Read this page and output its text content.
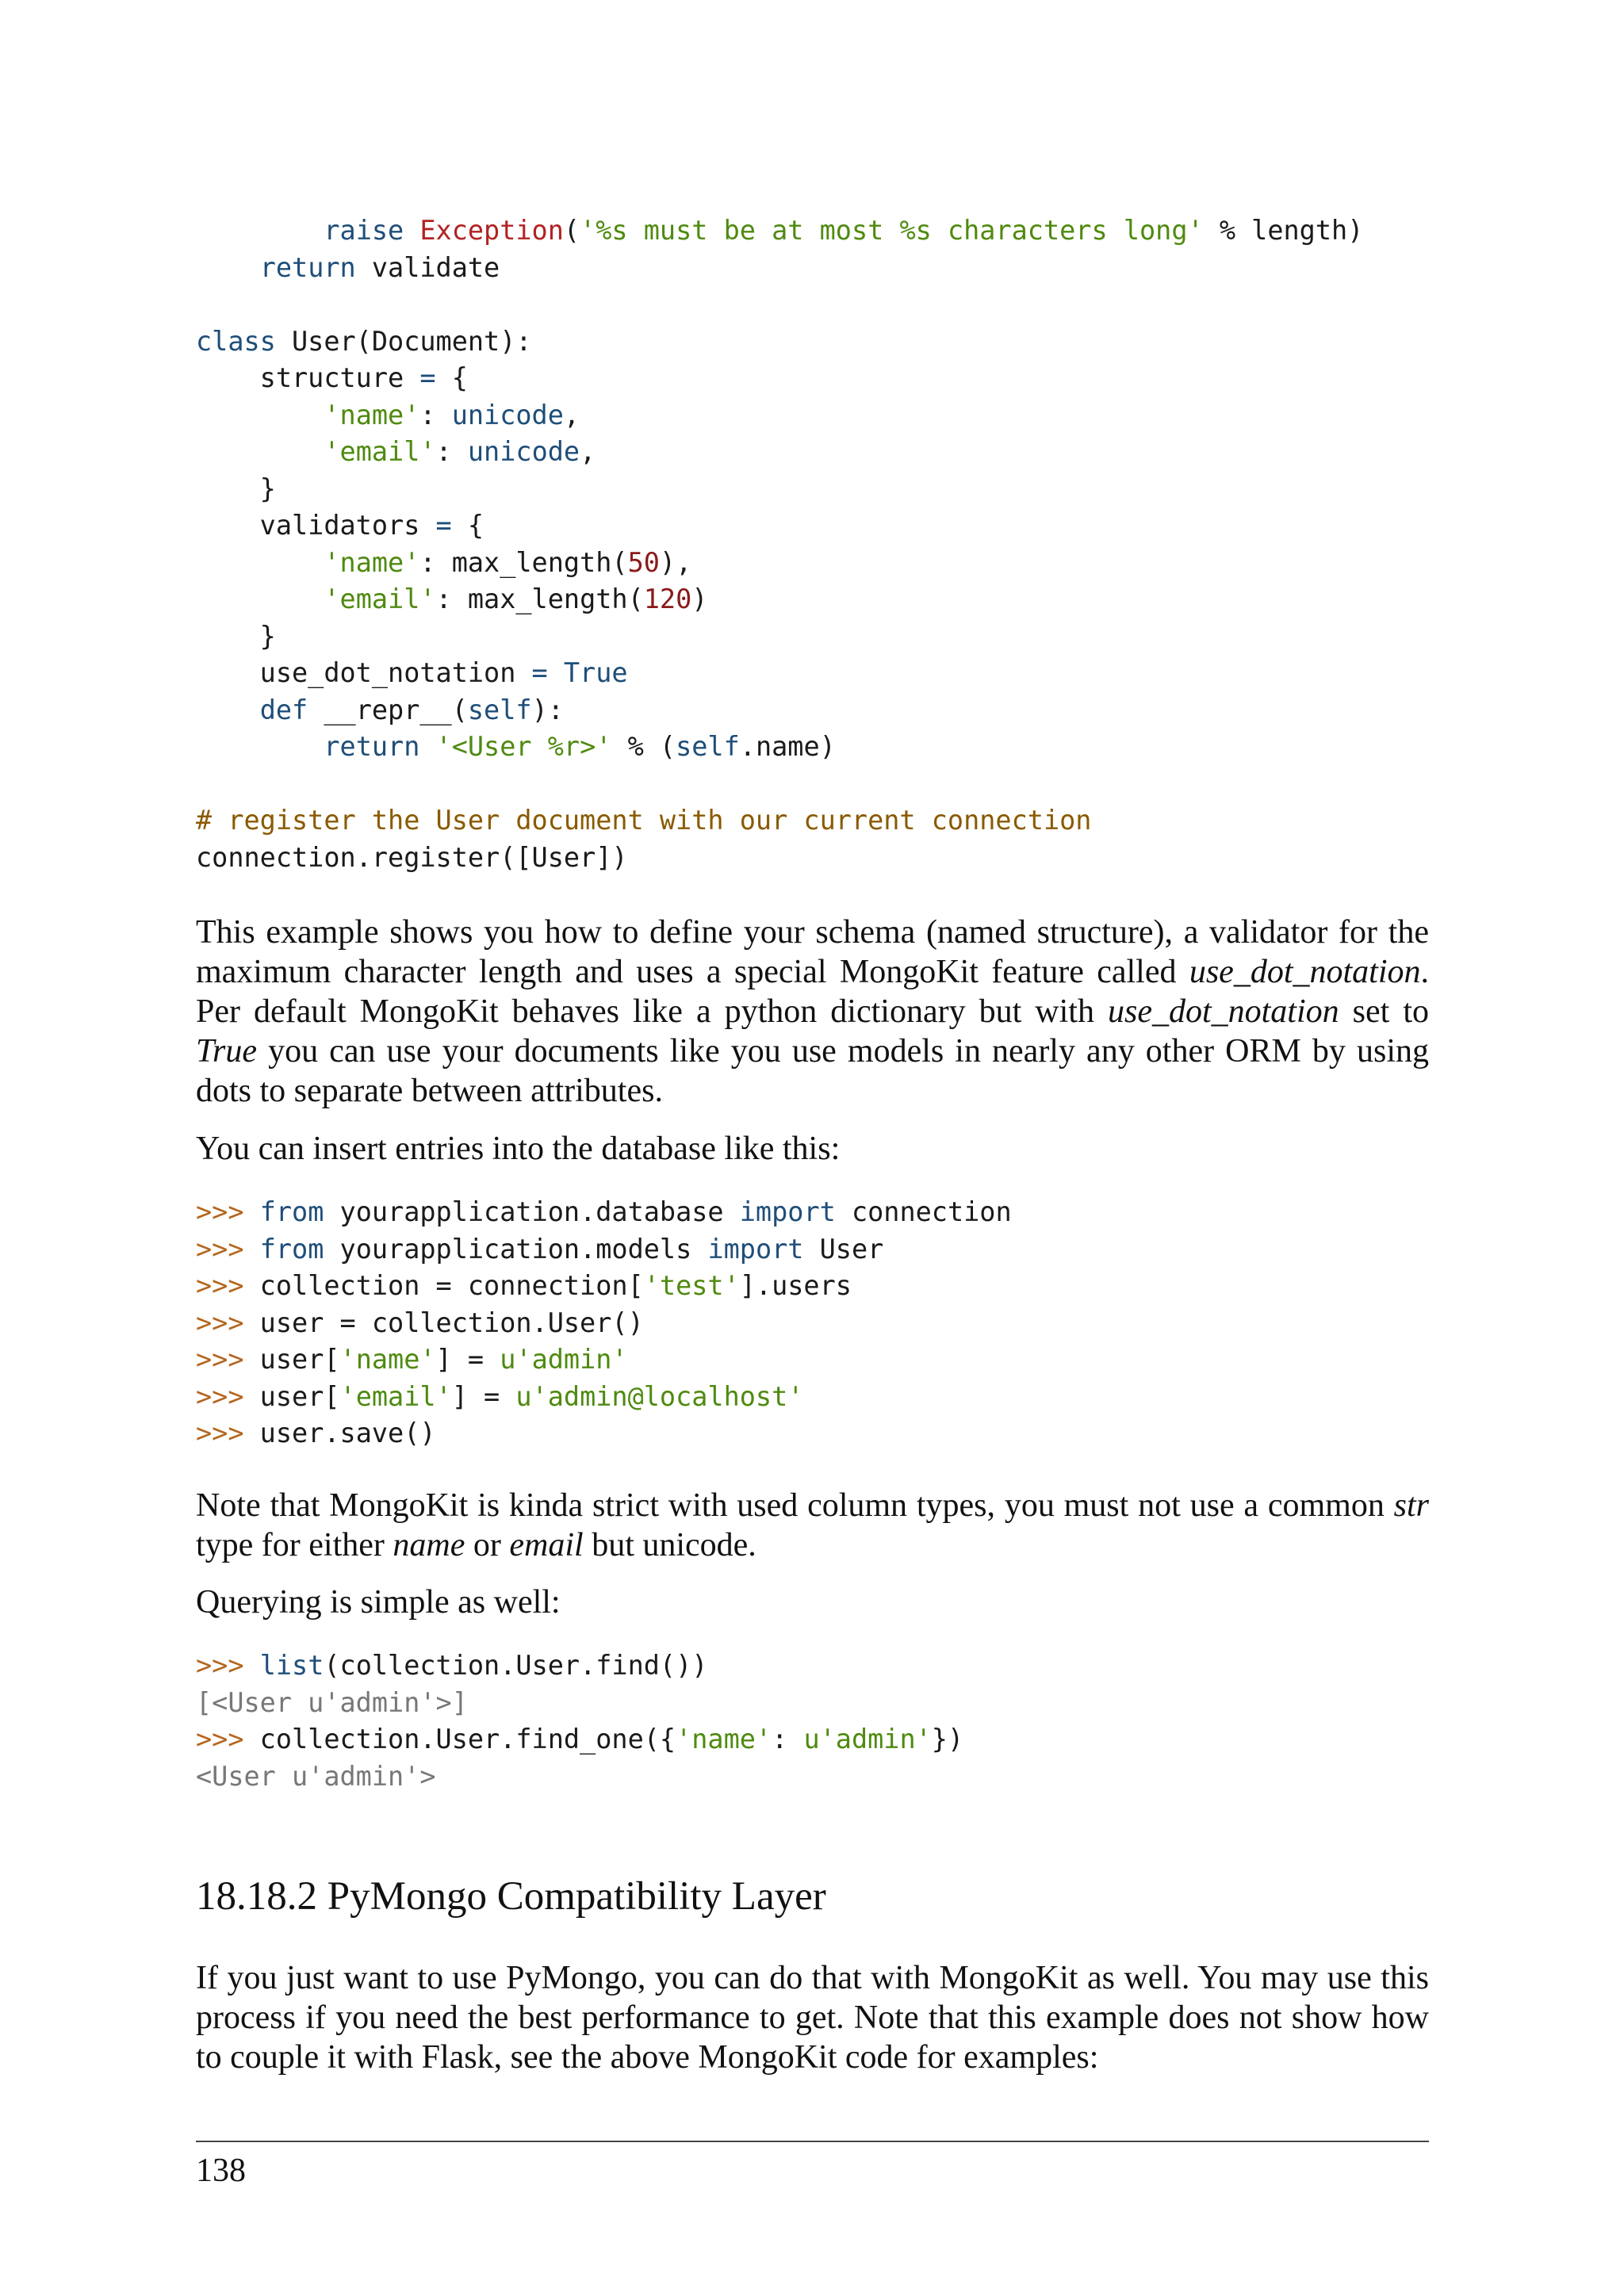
raise Exception('%s must be at most %s characters long' % length)
return validate

class User(Document):
structure = {
'name': unicode,
'email': unicode,
}
validators = {
'name': max_length(50),
'email': max_length(120)
}
use_dot_notation = True
def __repr__(self):
return '<User %r>' % (self.name)

# register the User document with our current connection
connection.register([User])

This example shows you how to define your schema (named structure), a validator for the maximum character length and uses a special MongoKit feature called use_dot_notation. Per default MongoKit behaves like a python dictionary but with use_dot_notation set to True you can use your documents like you use models in nearly any other ORM by using dots to separate between attributes.

You can insert entries into the database like this:

>>> from yourapplication.database import connection
>>> from yourapplication.models import User
>>> collection = connection['test'].users
>>> user = collection.User()
>>> user['name'] = u'admin'
>>> user['email'] = u'admin@localhost'
>>> user.save()

Note that MongoKit is kinda strict with used column types, you must not use a common str type for either name or email but unicode.

Querying is simple as well:

>>> list(collection.User.find())
[<User u'admin'>]
>>> collection.User.find_one({'name': u'admin'})
<User u'admin'>
18.18.2 PyMongo Compatibility Layer

If you just want to use PyMongo, you can do that with MongoKit as well. You may use this process if you need the best performance to get. Note that this example does not show how to couple it with Flask, see the above MongoKit code for examples:

138
